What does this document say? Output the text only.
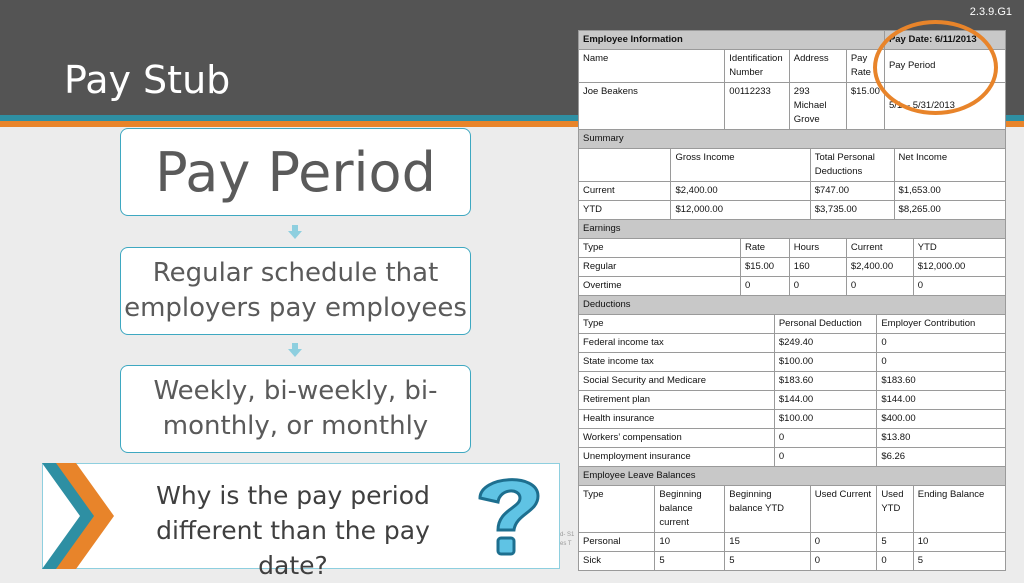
Pay Stub
2.3.9.G1
Pay Period
Regular schedule that employers pay employees
Weekly, bi-weekly, bi-monthly, or monthly
Why is the pay period different than the pay date?
d- S1
es T
Employee Information										Pay Date: 6/11/2013		
Name			Identification Number			Address		Pay Rate		Pay Period		
Joe Beakens			00112233			293 Michael Grove		$15.00		5/1 – 5/31/2013		
Summary												
		Gross Income					Total Personal Deductions				Net Income	
Current		$2,400.00					$747.00				$1,653.00	
YTD		$12,000.00					$3,735.00				$8,265.00	
Earnings												
Type				Rate		Hours		Current				YTD
Regular				$15.00		160		$2,400.00				$12,000.00
Overtime				0		0		0				0
Deductions												
Type					Personal Deduction				Employer Contribution			
Federal income tax					$249.40				0			
State income tax					$100.00				0			
Social Security and Medicare					$183.60				$183.60			
Retirement plan					$144.00				$144.00			
Health insurance					$100.00				$400.00			
Workers’ compensation					0				$13.80			
Unemployment insurance					0				$6.26			
Employee Leave Balances												
Type	Beginning balance current		Beginning balance YTD				Used Current		Used YTD			Ending Balance
Personal	10		15				0		5			10
Sick	5		5				0		0			5
